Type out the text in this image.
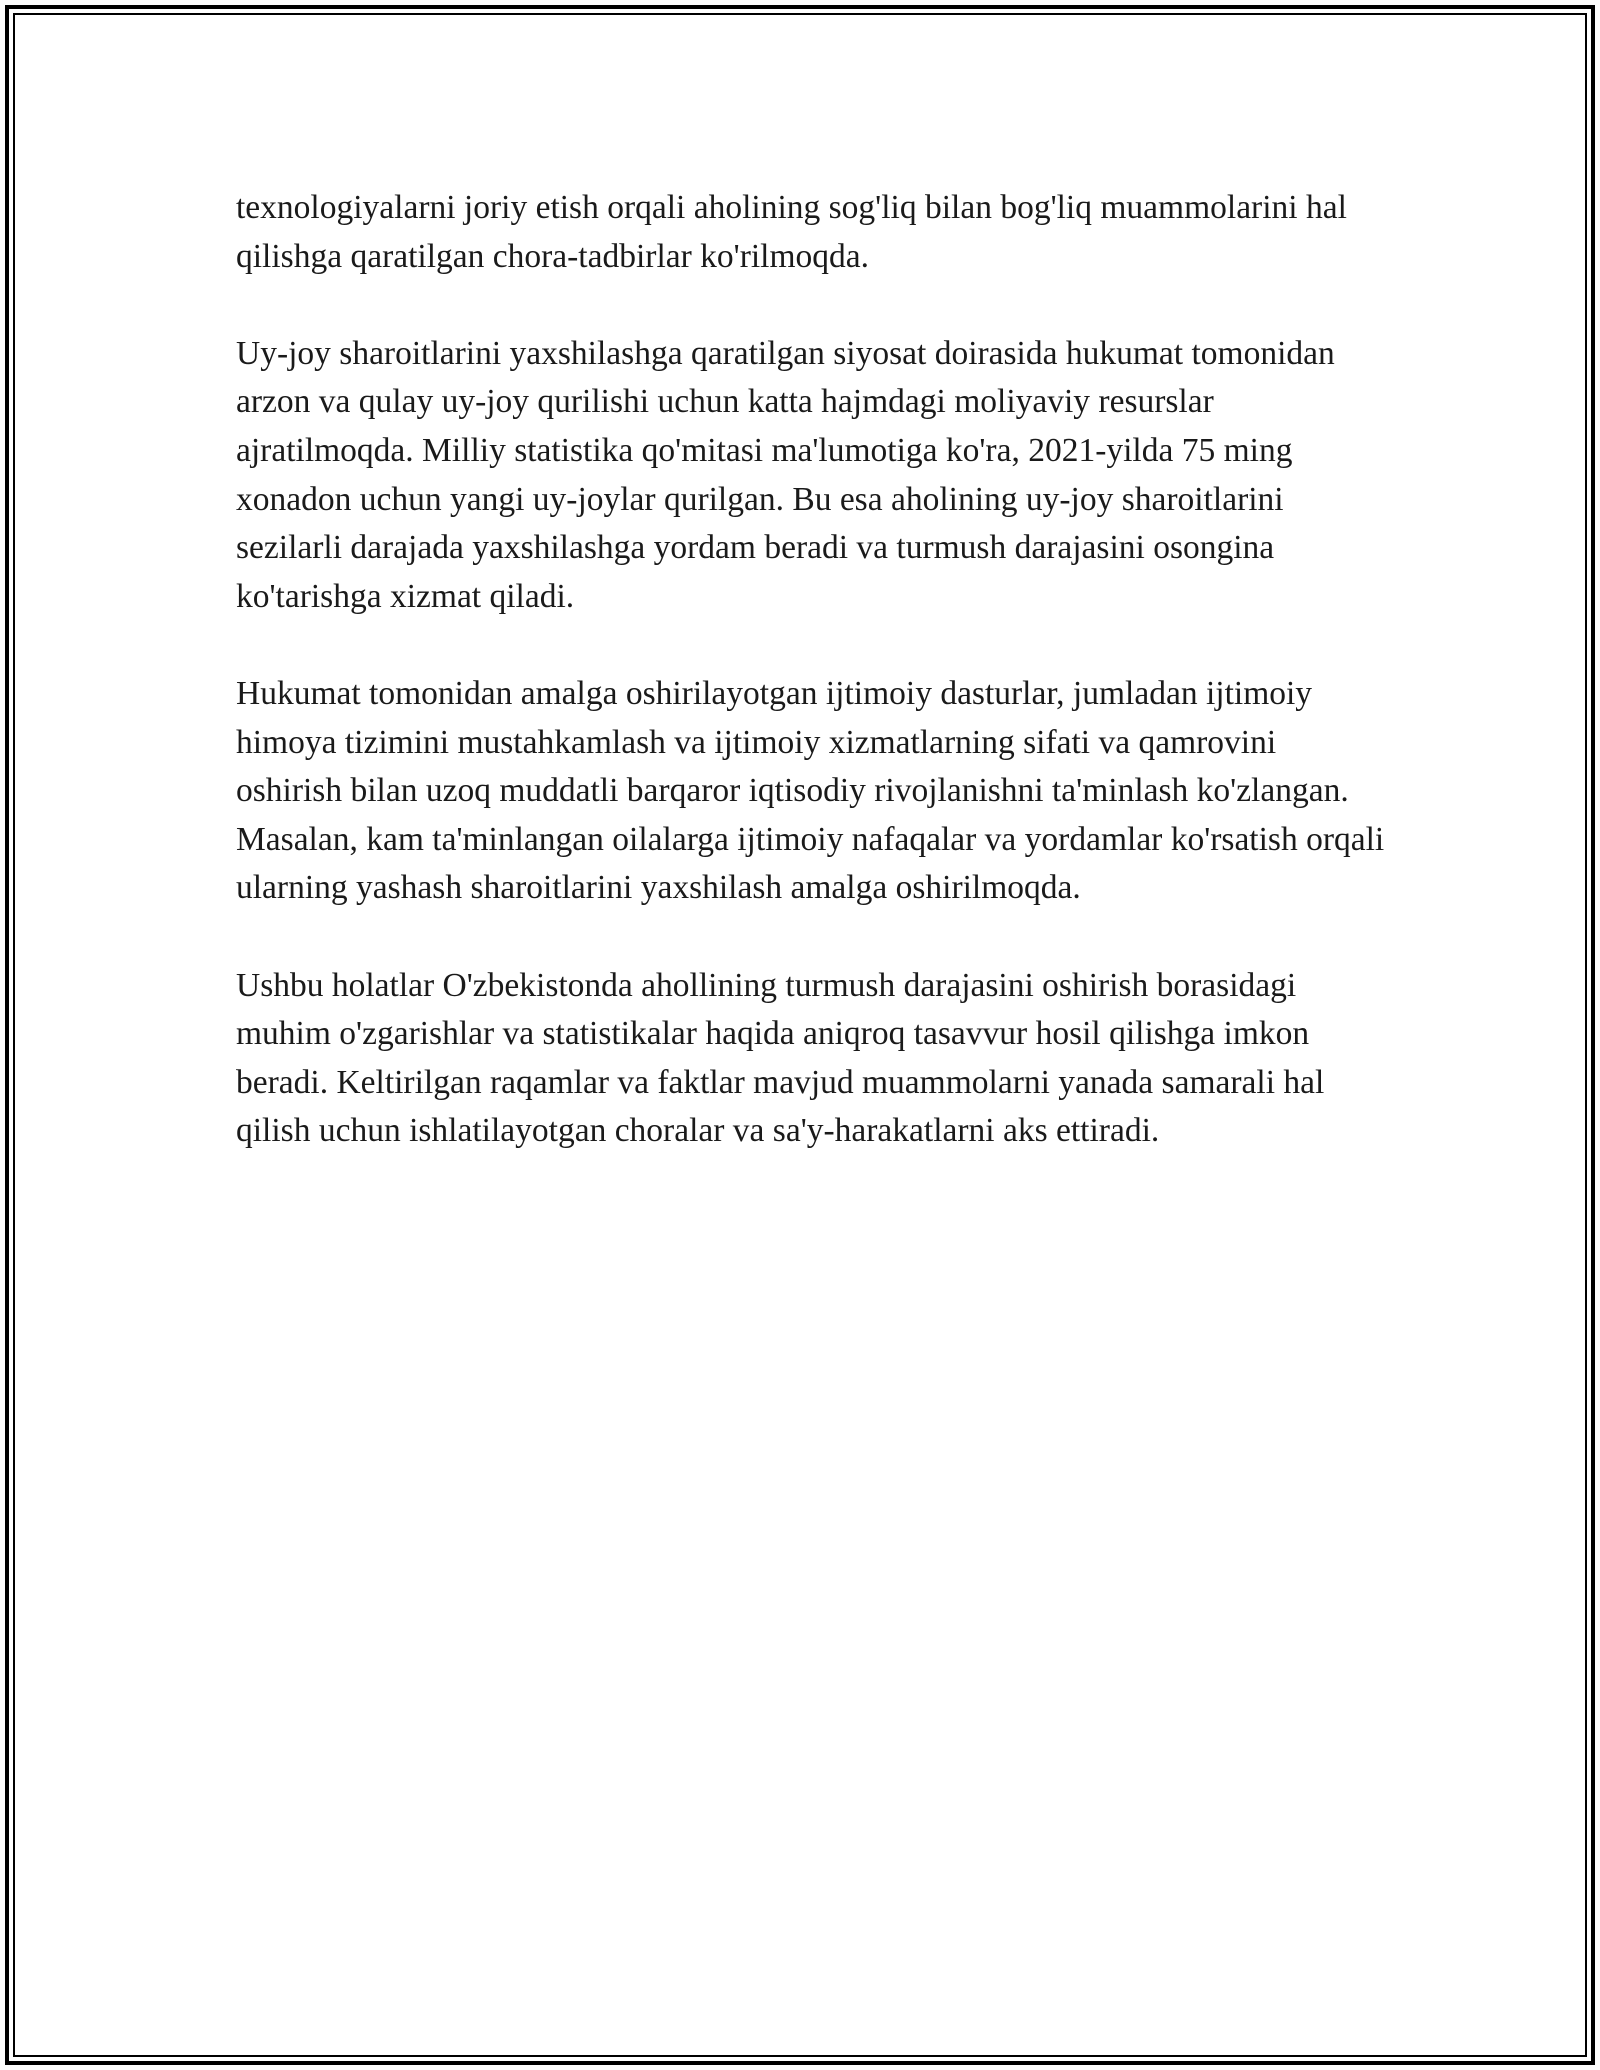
texnologiyalarni joriy etish orqali aholining sog'liq bilan bog'liq muammolarini hal qilishga qaratilgan chora-tadbirlar ko'rilmoqda.

Uy-joy sharoitlarini yaxshilashga qaratilgan siyosat doirasida hukumat tomonidan arzon va qulay uy-joy qurilishi uchun katta hajmdagi moliyaviy resurslar ajratilmoqda. Milliy statistika qo'mitasi ma'lumotiga ko'ra, 2021-yilda 75 ming xonadon uchun yangi uy-joylar qurilgan. Bu esa aholining uy-joy sharoitlarini sezilarli darajada yaxshilashga yordam beradi va turmush darajasini osongina ko'tarishga xizmat qiladi.

Hukumat tomonidan amalga oshirilayotgan ijtimoiy dasturlar, jumladan ijtimoiy himoya tizimini mustahkamlash va ijtimoiy xizmatlarning sifati va qamrovini oshirish bilan uzoq muddatli barqaror iqtisodiy rivojlanishni ta'minlash ko'zlangan. Masalan, kam ta'minlangan oilalarga ijtimoiy nafaqalar va yordamlar ko'rsatish orqali ularning yashash sharoitlarini yaxshilash amalga oshirilmoqda.

Ushbu holatlar O'zbekistonda ahollining turmush darajasini oshirish borasidagi muhim o'zgarishlar va statistikalar haqida aniqroq tasavvur hosil qilishga imkon beradi. Keltirilgan raqamlar va faktlar mavjud muammolarni yanada samarali hal qilish uchun ishlatilayotgan choralar va sa'y-harakatlarni aks ettiradi.
